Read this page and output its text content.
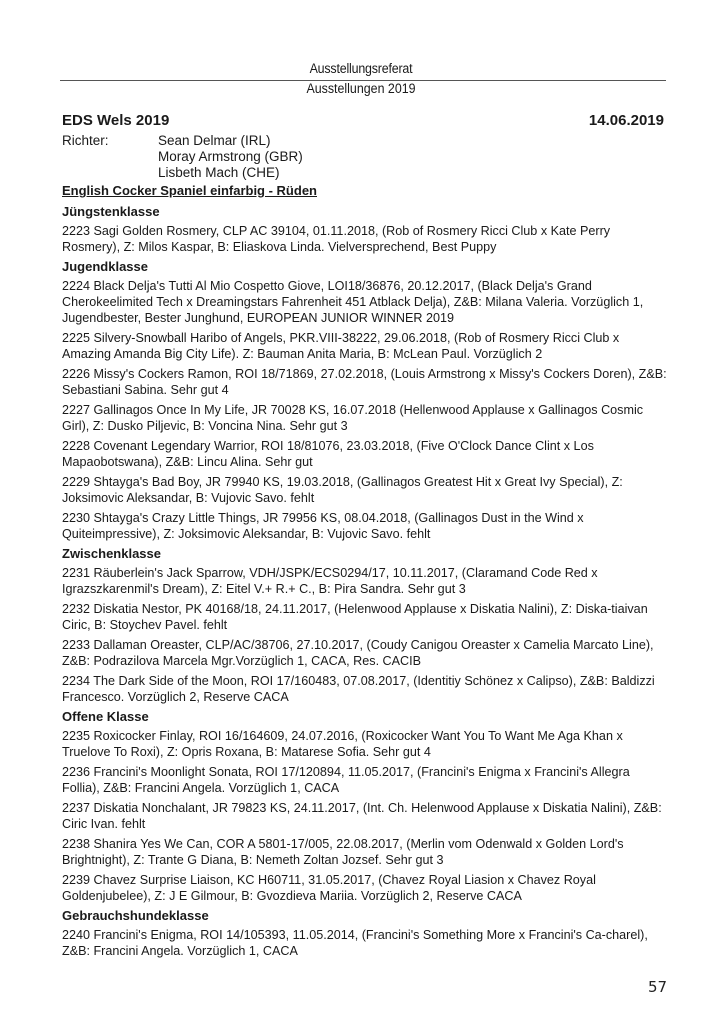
Ausstellungsreferat
Ausstellungen 2019
EDS Wels 2019	14.06.2019
Richter:	Sean Delmar (IRL)
Moray Armstrong (GBR)
Lisbeth Mach (CHE)
English Cocker Spaniel einfarbig - Rüden
Jüngstenklasse
2223 Sagi Golden Rosmery, CLP AC 39104, 01.11.2018, (Rob of Rosmery Ricci Club x Kate Perry Rosmery), Z: Milos Kaspar, B: Eliaskova Linda. Vielversprechend, Best Puppy
Jugendklasse
2224 Black Delja's Tutti Al Mio Cospetto Giove, LOI18/36876, 20.12.2017, (Black Delja's Grand Cherokeelimited Tech x Dreamingstars Fahrenheit 451 Atblack Delja), Z&B: Milana Valeria. Vorzüglich 1, Jugendbester, Bester Junghund, EUROPEAN JUNIOR WINNER 2019
2225 Silvery-Snowball Haribo of Angels, PKR.VIII-38222, 29.06.2018, (Rob of Rosmery Ricci Club x Amazing Amanda Big City Life). Z: Bauman Anita Maria, B: McLean Paul. Vorzüglich 2
2226 Missy's Cockers Ramon, ROI 18/71869, 27.02.2018, (Louis Armstrong x Missy's Cockers Doren), Z&B: Sebastiani Sabina. Sehr gut 4
2227 Gallinagos Once In My Life, JR 70028 KS, 16.07.2018 (Hellenwood Applause x Gallinagos Cosmic Girl), Z: Dusko Piljevic, B: Voncina Nina. Sehr gut 3
2228 Covenant Legendary Warrior, ROI 18/81076, 23.03.2018, (Five O'Clock Dance Clint x Los Mapaobotswana), Z&B: Lincu Alina. Sehr gut
2229 Shtayga's Bad Boy, JR 79940 KS, 19.03.2018, (Gallinagos Greatest Hit x Great Ivy Special), Z: Joksimovic Aleksandar, B: Vujovic Savo. fehlt
2230 Shtayga's Crazy Little Things, JR 79956 KS, 08.04.2018, (Gallinagos Dust in the Wind x Quiteimpressive), Z: Joksimovic Aleksandar, B: Vujovic Savo. fehlt
Zwischenklasse
2231 Räuberlein's Jack Sparrow, VDH/JSPK/ECS0294/17, 10.11.2017, (Claramand Code Red x Igrazszkarenmil's Dream), Z: Eitel V.+ R.+ C., B: Pira Sandra. Sehr gut 3
2232 Diskatia Nestor, PK 40168/18, 24.11.2017, (Helenwood Applause x Diskatia Nalini), Z: Diska-tiaivan Ciric, B: Stoychev Pavel. fehlt
2233 Dallaman Oreaster, CLP/AC/38706, 27.10.2017, (Coudy Canigou Oreaster x Camelia Marcato Line), Z&B: Podrazilova Marcela Mgr.Vorzüglich 1, CACA, Res. CACIB
2234 The Dark Side of the Moon, ROI 17/160483, 07.08.2017, (Identitiy Schönez x Calipso), Z&B: Baldizzi Francesco. Vorzüglich 2, Reserve CACA
Offene Klasse
2235 Roxicocker Finlay, ROI 16/164609, 24.07.2016, (Roxicocker Want You To Want Me Aga Khan x Truelove To Roxi), Z: Opris Roxana, B: Matarese Sofia. Sehr gut 4
2236 Francini's Moonlight Sonata, ROI 17/120894, 11.05.2017, (Francini's Enigma x Francini's Allegra Follia), Z&B: Francini Angela. Vorzüglich 1, CACA
2237 Diskatia Nonchalant, JR 79823 KS, 24.11.2017, (Int. Ch. Helenwood Applause x Diskatia Nalini), Z&B: Ciric Ivan. fehlt
2238 Shanira Yes We Can, COR A 5801-17/005, 22.08.2017, (Merlin vom Odenwald x Golden Lord's Brightnight), Z: Trante G Diana, B: Nemeth Zoltan Jozsef. Sehr gut 3
2239 Chavez Surprise Liaison, KC H60711, 31.05.2017, (Chavez Royal Liasion x Chavez Royal Goldenjubelee), Z: J E Gilmour, B: Gvozdieva Mariia. Vorzüglich 2, Reserve CACA
Gebrauchshundeklasse
2240 Francini's Enigma, ROI 14/105393, 11.05.2014, (Francini's Something More x Francini's Ca-charel), Z&B: Francini Angela. Vorzüglich 1, CACA
57
